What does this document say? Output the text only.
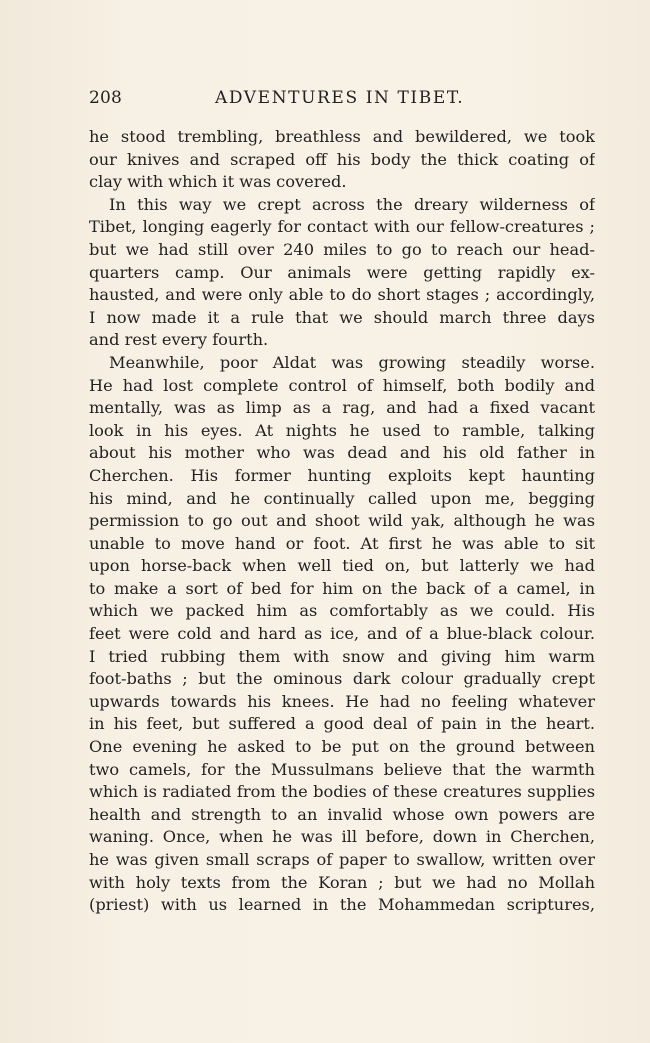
208	ADVENTURES IN TIBET.
he stood trembling, breathless and bewildered, we took
our knives and scraped off his body the thick coating of
clay with which it was covered.
In this way we crept across the dreary wilderness of
Tibet, longing eagerly for contact with our fellow-creatures ;
but we had still over 240 miles to go to reach our head-
quarters camp. Our animals were getting rapidly ex-
hausted, and were only able to do short stages ; accordingly,
I now made it a rule that we should march three days
and rest every fourth.
Meanwhile, poor Aldat was growing steadily worse.
He had lost complete control of himself, both bodily and
mentally, was as limp as a rag, and had a fixed vacant
look in his eyes. At nights he used to ramble, talking
about his mother who was dead and his old father in
Cherchen. His former hunting exploits kept haunting
his mind, and he continually called upon me, begging
permission to go out and shoot wild yak, although he was
unable to move hand or foot. At first he was able to sit
upon horse-back when well tied on, but latterly we had
to make a sort of bed for him on the back of a camel, in
which we packed him as comfortably as we could. His
feet were cold and hard as ice, and of a blue-black colour.
I tried rubbing them with snow and giving him warm
foot-baths ; but the ominous dark colour gradually crept
upwards towards his knees. He had no feeling whatever
in his feet, but suffered a good deal of pain in the heart.
One evening he asked to be put on the ground between
two camels, for the Mussulmans believe that the warmth
which is radiated from the bodies of these creatures supplies
health and strength to an invalid whose own powers are
waning. Once, when he was ill before, down in Cherchen,
he was given small scraps of paper to swallow, written over
with holy texts from the Koran ; but we had no Mollah
(priest) with us learned in the Mohammedan scriptures,
